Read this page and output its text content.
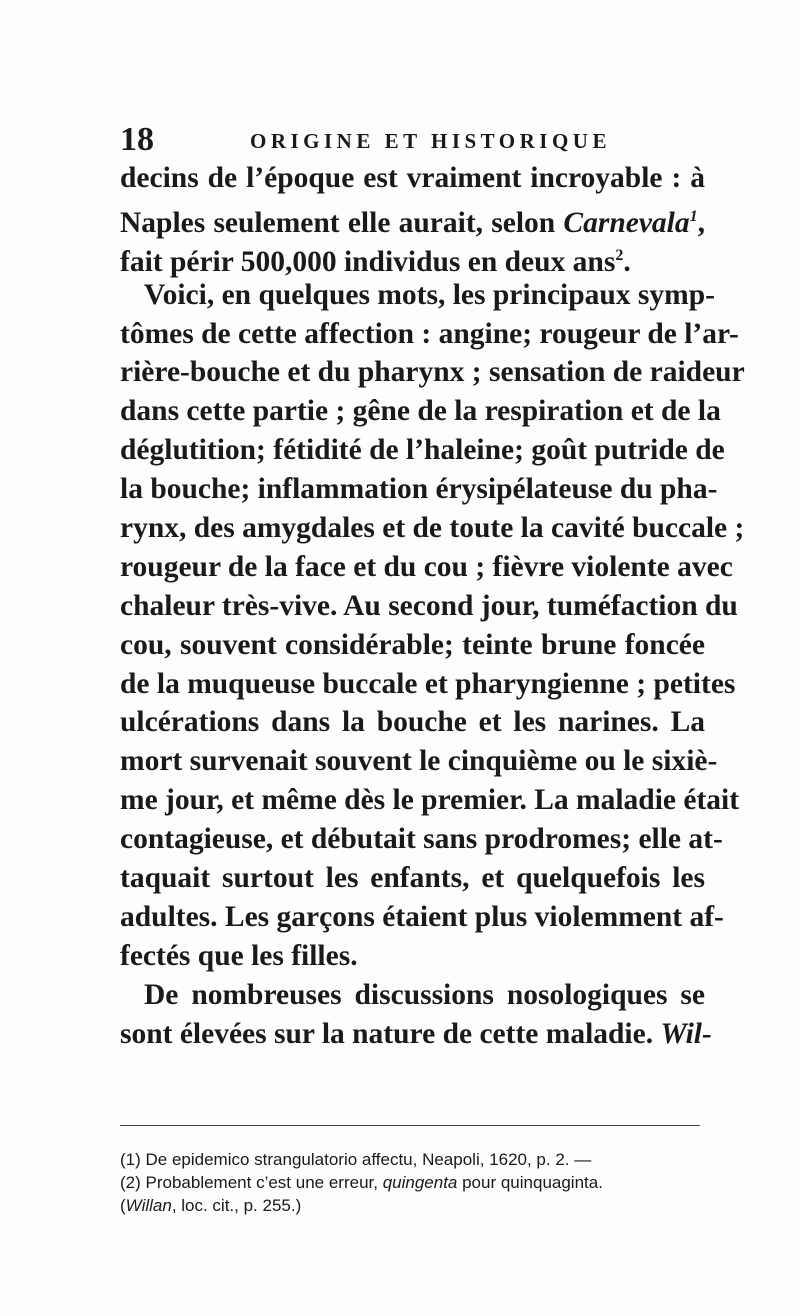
18	ORIGINE ET HISTORIQUE
decins de l’époque est vraiment incroyable : à
Naples seulement elle aurait, selon Carnevala$^1$,
fait périr 500,000 individus en deux ans$^2$.
Voici, en quelques mots, les principaux symp-
tômes de cette affection : angine; rougeur de l’ar-
rière-bouche et du pharynx ; sensation de raideur
dans cette partie ; gêne de la respiration et de la
déglutition; fétidité de l’haleine; goût putride de
la bouche; inflammation érysipélateuse du pha-
rynx, des amygdales et de toute la cavité buccale ;
rougeur de la face et du cou ; fièvre violente avec
chaleur très-vive. Au second jour, tuméfaction du
cou, souvent considérable; teinte brune foncée
de la muqueuse buccale et pharyngienne ; petites
ulcérations dans la bouche et les narines. La
mort survenait souvent le cinquième ou le sixiè-
me jour, et même dès le premier. La maladie était
contagieuse, et débutait sans prodromes; elle at-
taquait surtout les enfants, et quelquefois les
adultes. Les garçons étaient plus violemment af-
fectés que les filles.
De nombreuses discussions nosologiques se
sont élevées sur la nature de cette maladie. Wil-
(1) De epidemico strangulatorio affectu, Neapoli, 1620, p. 2. —
(2) Probablement c’est une erreur, quingenta pour quinquaginta.
(Willan, loc. cit., p. 255.)
